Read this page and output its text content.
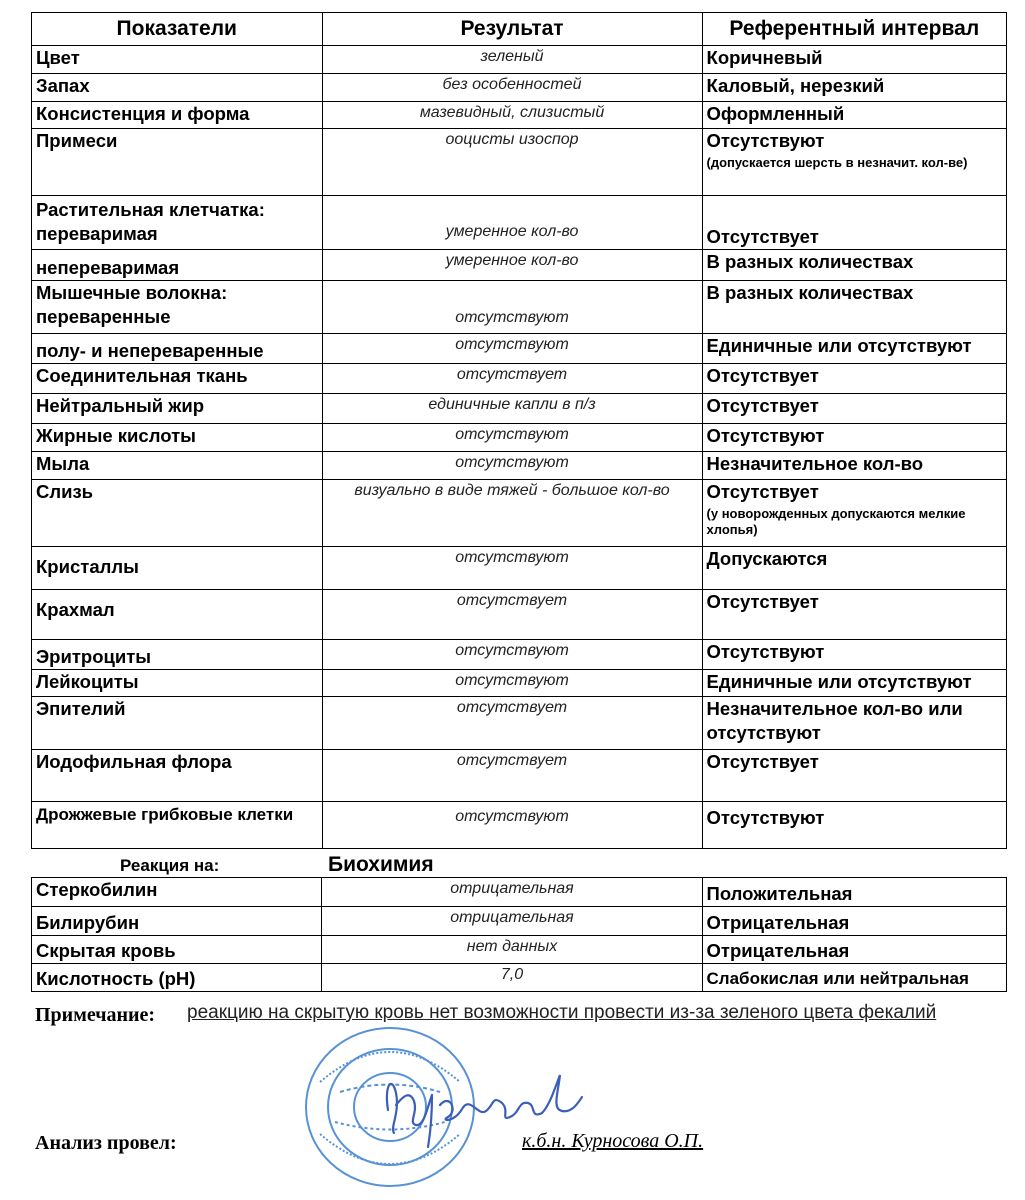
Показатели	Результат	Референтный интервал
Цвет	зеленый	Коричневый
Запах	без особенностей	Каловый, нерезкий
Консистенция и форма	мазевидный, слизистый	Оформленный
Примеси	ооцисты изоспор	Отсутствуют
(допускается шерсть в незначит. кол-ве)

Растительная клетчатка: переваримая	умеренное кол-во	Отсутствует
непереваримая	умеренное кол-во	В разных количествах
Мышечные волокна: переваренные	отсутствуют	В разных количествах
полу- и непереваренные	отсутствуют	Единичные или отсутствуют
Соединительная ткань	отсутствует	Отсутствует
Нейтральный жир	единичные капли в п/з	Отсутствует
Жирные кислоты	отсутствуют	Отсутствуют
Мыла	отсутствуют	Незначительное кол-во
Слизь	визуально в виде тяжей - большое кол-во	Отсутствует
(у новорожденных допускаются мелкие хлопья)

Кристаллы	отсутствуют	Допускаются
Крахмал	отсутствует	Отсутствует
Эритроциты	отсутствуют	Отсутствуют
Лейкоциты	отсутствуют	Единичные или отсутствуют
Эпителий	отсутствует	Незначительное кол-во или отсутствуют
Иодофильная флора	отсутствует	Отсутствует
Дрожжевые грибковые клетки	отсутствуют	Отсутствуют
Реакция на:	Биохимия
Стеркобилин	отрицательная	Положительная
Билирубин	отрицательная	Отрицательная
Скрытая кровь	нет данных	Отрицательная
Кислотность (pH)	7,0	Слабокислая или нейтральная
Примечание: реакцию на скрытую кровь нет возможности провести из-за зеленого цвета фекалий
Анализ провел:	к.б.н. Курносова О.П.
